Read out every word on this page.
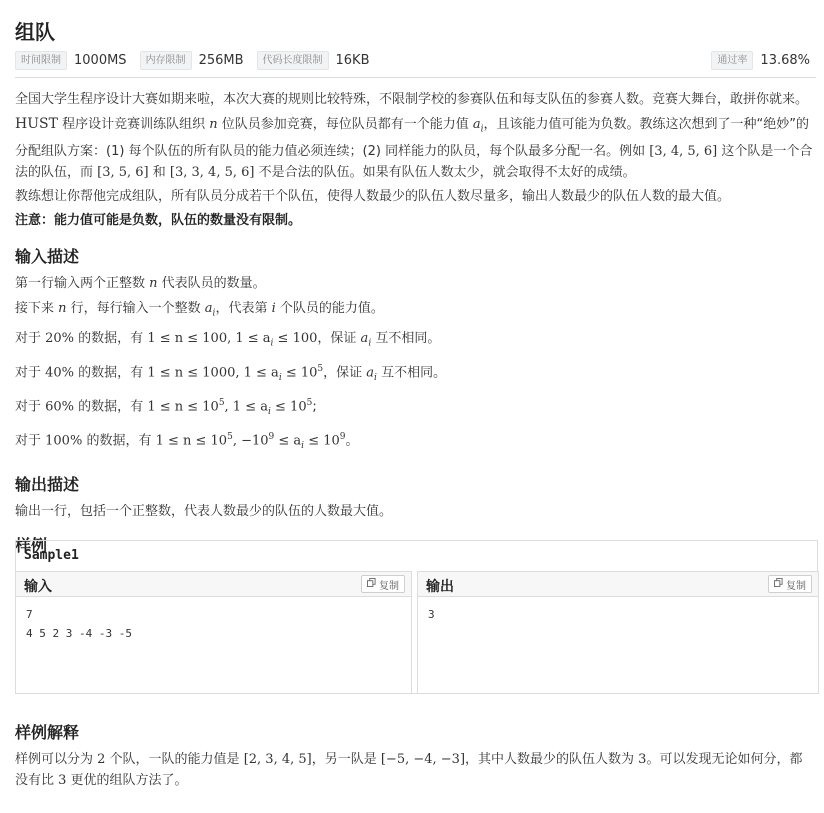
组队
时间限制	1000MS	内存限制	256MB	代码长度限制	16KB	通过率	13.68%
全国大学生程序设计大赛如期来啦，本次大赛的规则比较特殊，不限制学校的参赛队伍和每支队伍的参赛人数。竞赛大舞台，敢拼你就来。
HUST 程序设计竞赛训练队组织 n 位队员参加竞赛，每位队员都有一个能力值 $a_i$，且该能力值可能为负数。教练这次想到了一种“绝妙”的分配组队方案：(1) 每个队伍的所有队员的能力值必须连续；(2) 同样能力的队员，每个队最多分配一名。例如 [3, 4, 5, 6] 这个队是一个合法的队伍，而 [3, 5, 6] 和 [3, 3, 4, 5, 6] 不是合法的队伍。如果有队伍人数太少，就会取得不太好的成绩。
教练想让你帮他完成组队，所有队员分成若干个队伍，使得人数最少的队伍人数尽量多，输出人数最少的队伍人数的最大值。
注意：能力值可能是负数，队伍的数量没有限制。
输入描述
第一行输入两个正整数 n 代表队员的数量。
接下来 n 行，每行输入一个整数 $a_i$，代表第 i 个队员的能力值。
对于 20% 的数据，有 1 ≤ n ≤ 100, $1 \le a_i \le 100$，保证 $a_i$ 互不相同。
对于 40% 的数据，有 1 ≤ n ≤ 1000, $1 \le a_i \le 10^5$，保证 $a_i$ 互不相同。
对于 60% 的数据，有 $1 \le n \le 10^5$, $1 \le a_i \le 10^5$;
对于 100% 的数据，有 $1 \le n \le 10^5$, $-10^9 \le a_i \le 10^9$。
输出描述
输出一行，包括一个正整数，代表人数最少的队伍的人数最大值。
样例
Sample1
输入	复制
7
4 5 2 3 -4 -3 -5
输出	复制
3
样例解释
样例可以分为 2 个队，一队的能力值是 [2, 3, 4, 5]，另一队是 [−5, −4, −3]，其中人数最少的队伍人数为 3。可以发现无论如何分，都没有比 3 更优的组队方法了。
